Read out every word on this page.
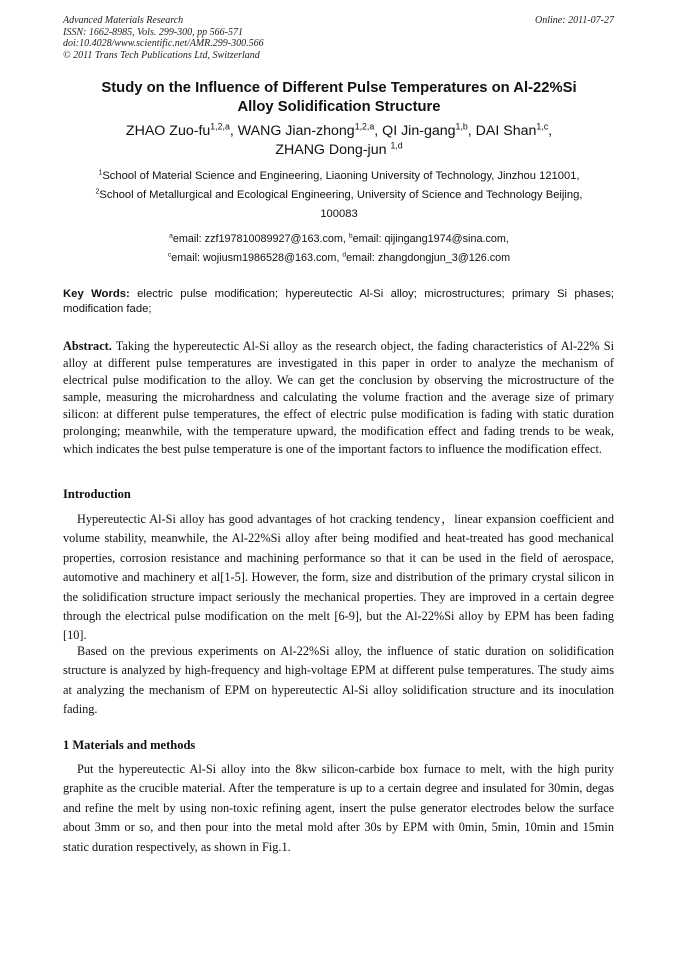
Advanced Materials Research
ISSN: 1662-8985, Vols. 299-300, pp 566-571
doi:10.4028/www.scientific.net/AMR.299-300.566
© 2011 Trans Tech Publications Ltd, Switzerland
Online: 2011-07-27
Study on the Influence of Different Pulse Temperatures on Al-22%Si
Alloy Solidification Structure
ZHAO Zuo-fu$^{1,2,a}$, WANG Jian-zhong$^{1,2,a}$, QI Jin-gang$^{1,b}$, DAI Shan$^{1,c}$,
ZHANG Dong-jun $^{1,d}$
$^1$School of Material Science and Engineering, Liaoning University of Technology, Jinzhou 121001,
$^2$School of Metallurgical and Ecological Engineering, University of Science and Technology Beijing,
100083
$^a$email: zzf197810089927@163.com, $^b$email: qijingang1974@sina.com,
$^c$email: wojiusm1986528@163.com, $^d$email: zhangdongjun_3@126.com
Key Words: electric pulse modification; hypereutectic Al-Si alloy; microstructures; primary Si phases; modification fade;
Abstract. Taking the hypereutectic Al-Si alloy as the research object, the fading characteristics of Al-22% Si alloy at different pulse temperatures are investigated in this paper in order to analyze the mechanism of electrical pulse modification to the alloy. We can get the conclusion by observing the microstructure of the sample, measuring the microhardness and calculating the volume fraction and the average size of primary silicon: at different pulse temperatures, the effect of electric pulse modification is fading with static duration prolonging; meanwhile, with the temperature upward, the modification effect and fading trends to be weak, which indicates the best pulse temperature is one of the important factors to influence the modification effect.
Introduction
Hypereutectic Al-Si alloy has good advantages of hot cracking tendency，linear expansion coefficient and volume stability, meanwhile, the Al-22%Si alloy after being modified and heat-treated has good mechanical properties, corrosion resistance and machining performance so that it can be used in the field of aerospace, automotive and machinery et al[1-5]. However, the form, size and distribution of the primary crystal silicon in the solidification structure impact seriously the mechanical properties. They are improved in a certain degree through the electrical pulse modification on the melt [6-9], but the Al-22%Si alloy by EPM has been fading [10].
Based on the previous experiments on Al-22%Si alloy, the influence of static duration on solidification structure is analyzed by high-frequency and high-voltage EPM at different pulse temperatures. The study aims at analyzing the mechanism of EPM on hypereutectic Al-Si alloy solidification structure and its inoculation fading.
1 Materials and methods
Put the hypereutectic Al-Si alloy into the 8kw silicon-carbide box furnace to melt, with the high purity graphite as the crucible material. After the temperature is up to a certain degree and insulated for 30min, degas and refine the melt by using non-toxic refining agent, insert the pulse generator electrodes below the surface about 3mm or so, and then pour into the metal mold after 30s by EPM with 0min, 5min, 10min and 15min static duration respectively, as shown in Fig.1.
